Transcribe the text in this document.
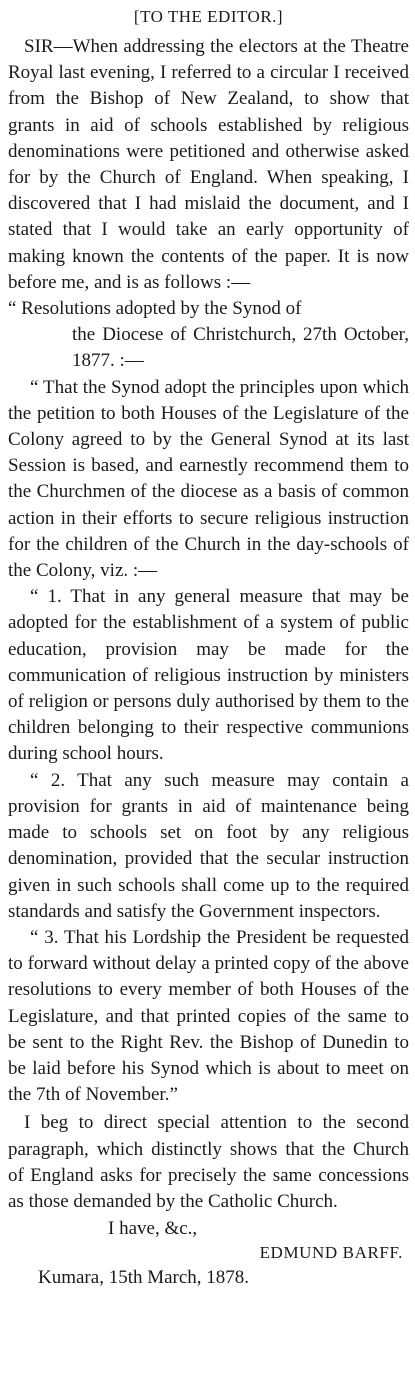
[TO THE EDITOR.]

SIR—When addressing the electors at the Theatre Royal last evening, I referred to a circular I received from the Bishop of New Zealand, to show that grants in aid of schools established by religious denominations were petitioned and otherwise asked for by the Church of England. When speaking, I discovered that I had mislaid the document, and I stated that I would take an early opportunity of making known the contents of the paper. It is now before me, and is as follows :—

“ Resolutions adopted by the Synod of
the Diocese of Christchurch, 27th October, 1877. :—

“ That the Synod adopt the principles upon which the petition to both Houses of the Legislature of the Colony agreed to by the General Synod at its last Session is based, and earnestly recommend them to the Churchmen of the diocese as a basis of common action in their efforts to secure religious instruction for the children of the Church in the day-schools of the Colony, viz. :—

“ 1. That in any general measure that may be adopted for the establishment of a system of public education, provision may be made for the communication of religious instruction by ministers of religion or persons duly authorised by them to the children belonging to their respective communions during school hours.

“ 2. That any such measure may contain a provision for grants in aid of maintenance being made to schools set on foot by any religious denomination, provided that the secular instruction given in such schools shall come up to the required standards and satisfy the Government inspectors.

“ 3. That his Lordship the President be requested to forward without delay a printed copy of the above resolutions to every member of both Houses of the Legislature, and that printed copies of the same to be sent to the Right Rev. the Bishop of Dunedin to be laid before his Synod which is about to meet on the 7th of November.”

I beg to direct special attention to the second paragraph, which distinctly shows that the Church of England asks for precisely the same concessions as those demanded by the Catholic Church.

I have, &c.,
EDMUND BARFF.
Kumara, 15th March, 1878.
